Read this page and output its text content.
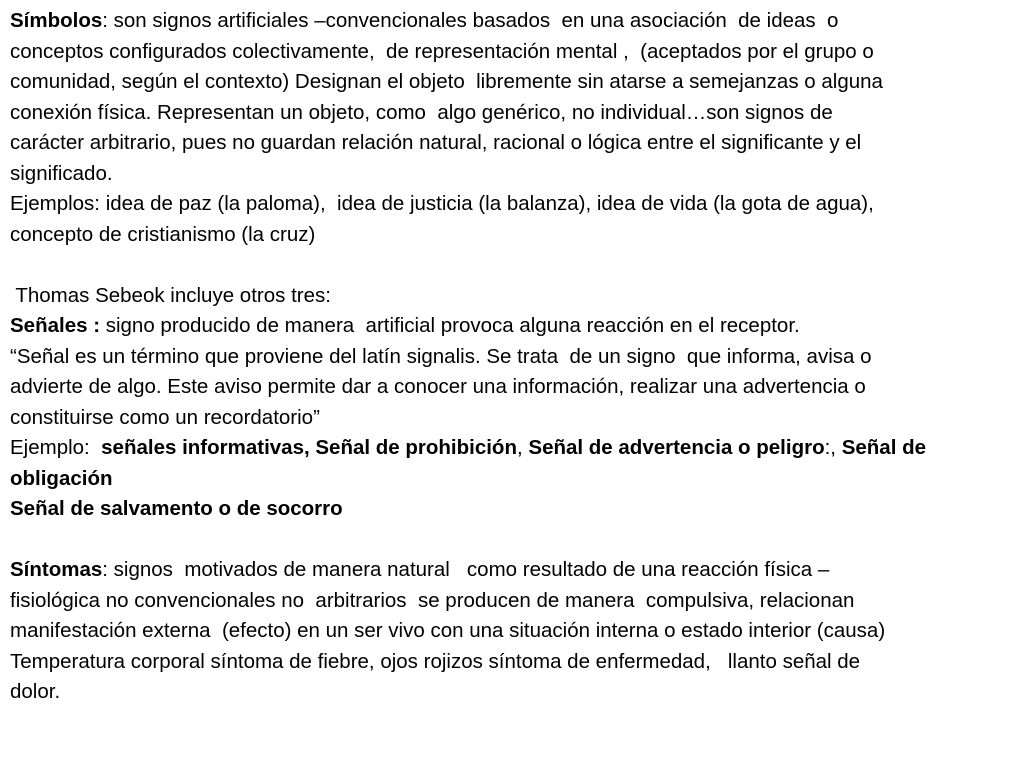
Símbolos: son signos artificiales –convencionales basados  en una asociación  de ideas  o
conceptos configurados colectivamente,  de representación mental ,  (aceptados por el grupo o
comunidad, según el contexto) Designan el objeto  libremente sin atarse a semejanzas o alguna
conexión física. Representan un objeto, como  algo genérico, no individual…son signos de
carácter arbitrario, pues no guardan relación natural, racional o lógica entre el significante y el
significado.
Ejemplos: idea de paz (la paloma),  idea de justicia (la balanza), idea de vida (la gota de agua),
concepto de cristianismo (la cruz)
Thomas Sebeok incluye otros tres:
Señales : signo producido de manera  artificial provoca alguna reacción en el receptor.
“Señal es un término que proviene del latín signalis. Se trata  de un signo  que informa, avisa o
advierte de algo. Este aviso permite dar a conocer una información, realizar una advertencia o
constituirse como un recordatorio”
Ejemplo:  señales informativas, Señal de prohibición, Señal de advertencia o peligro:, Señal de
obligación
Señal de salvamento o de socorro
Síntomas: signos  motivados de manera natural   como resultado de una reacción física –
fisiológica no convencionales no  arbitrarios  se producen de manera  compulsiva, relacionan
manifestación externa  (efecto) en un ser vivo con una situación interna o estado interior (causa)
Temperatura corporal síntoma de fiebre, ojos rojizos síntoma de enfermedad,   llanto señal de
dolor.
